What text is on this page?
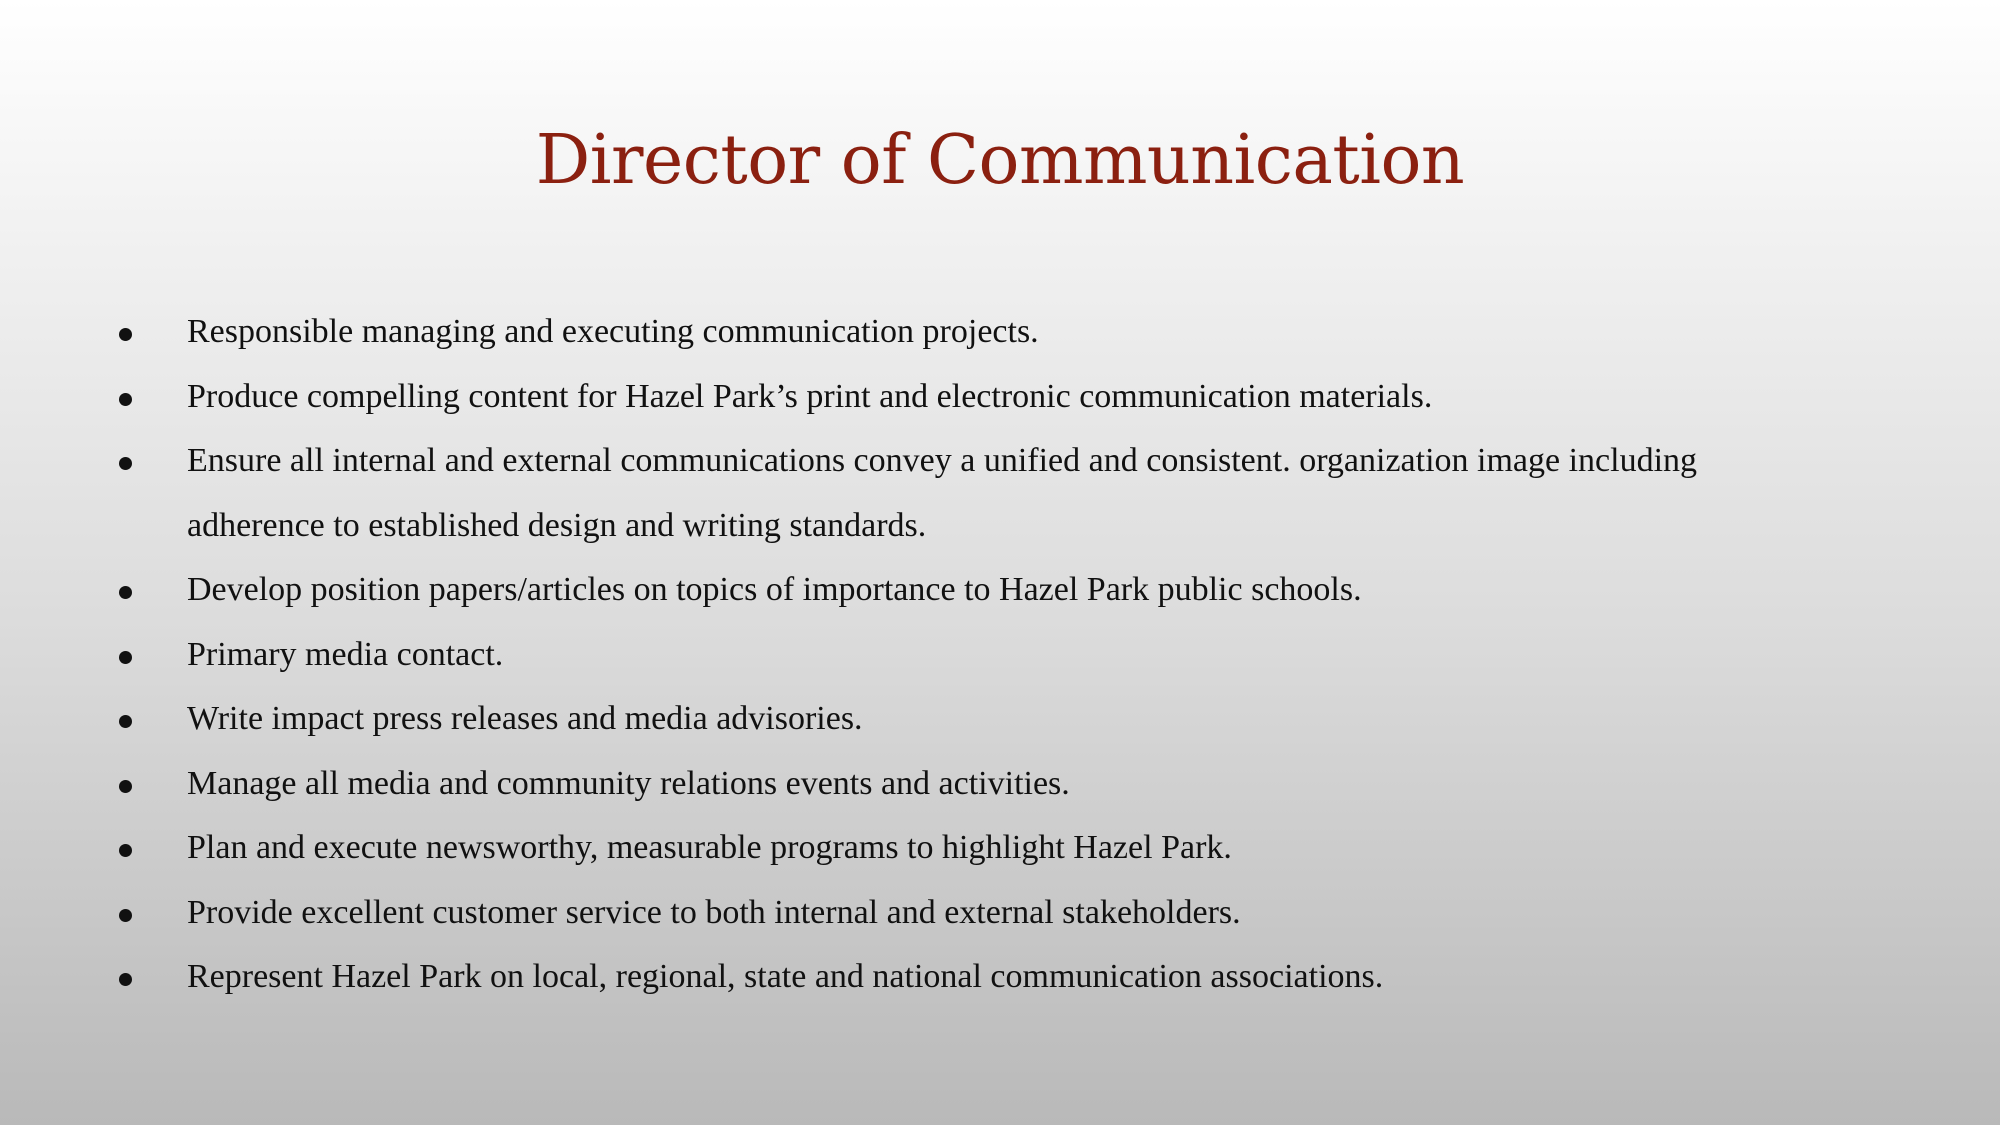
Director of Communication
Responsible managing and executing communication projects.
Produce compelling content for Hazel Park’s print and electronic communication materials.
Ensure all internal and external communications convey a unified and consistent. organization image including adherence to established design and writing standards.
Develop position papers/articles on topics of importance to Hazel Park public schools.
Primary media contact.
Write impact press releases and media advisories.
Manage all media and community relations events and activities.
Plan and execute newsworthy, measurable programs to highlight Hazel Park.
Provide excellent customer service to both internal and external stakeholders.
Represent Hazel Park on local, regional, state and national communication associations.
